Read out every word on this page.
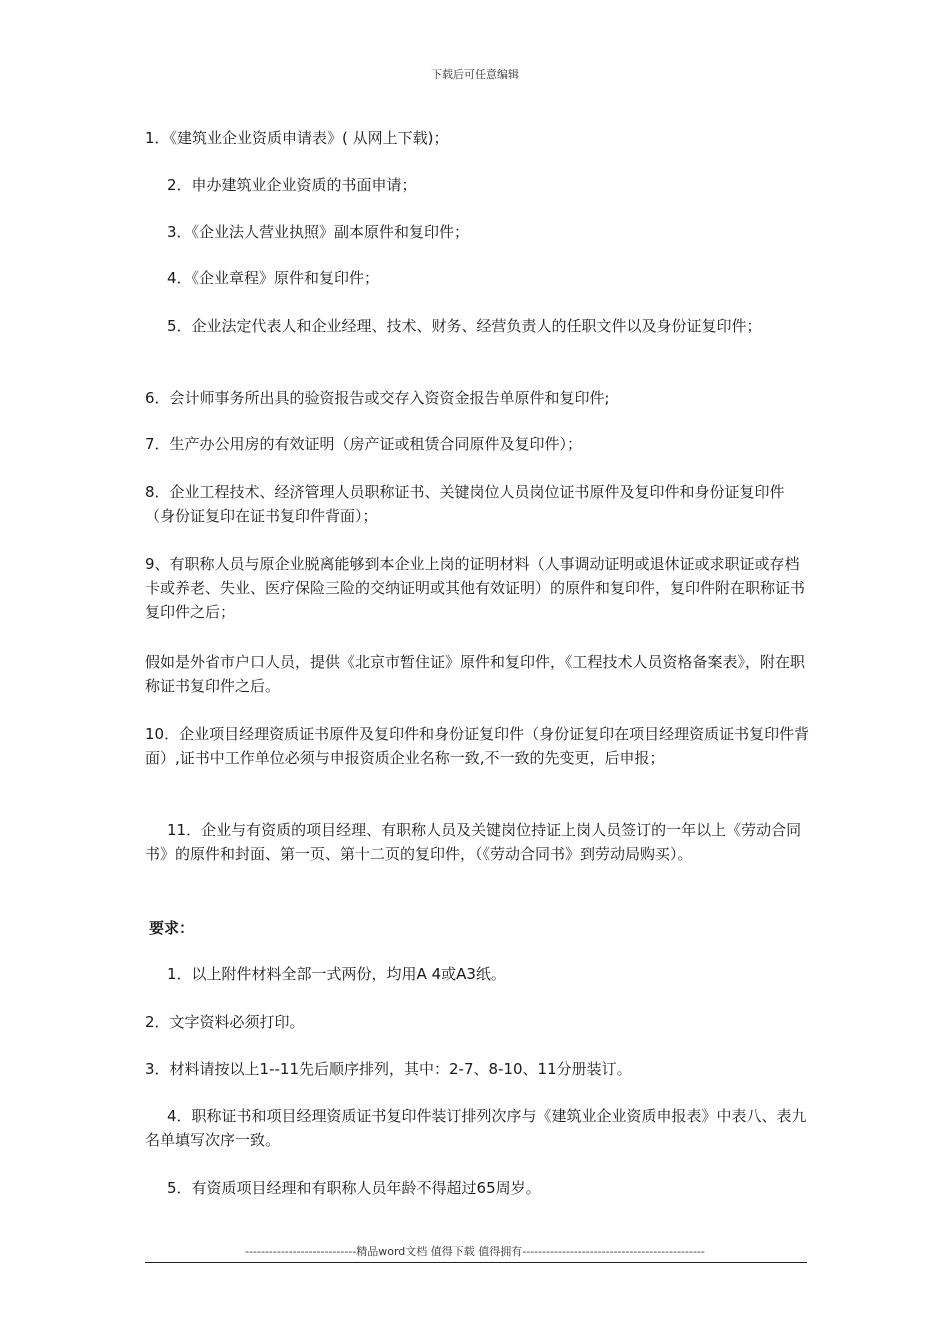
下载后可任意编辑

1．《建筑业企业资质申请表》( 从网上下载)；

2．申办建筑业企业资质的书面申请；

3．《企业法人营业执照》副本原件和复印件；

4．《企业章程》原件和复印件；

5．企业法定代表人和企业经理、技术、财务、经营负责人的任职文件以及身份证复印件；

6．会计师事务所出具的验资报告或交存入资资金报告单原件和复印件;

7．生产办公用房的有效证明（房产证或租赁合同原件及复印件）；

8．企业工程技术、经济管理人员职称证书、关键岗位人员岗位证书原件及复印件和身份证复印件（身份证复印在证书复印件背面）；

9、有职称人员与原企业脱离能够到本企业上岗的证明材料（人事调动证明或退休证或求职证或存档卡或养老、失业、医疗保险三险的交纳证明或其他有效证明）的原件和复印件，复印件附在职称证书复印件之后；

假如是外省市户口人员，提供《北京市暂住证》原件和复印件，《工程技术人员资格备案表》，附在职称证书复印件之后。

10．企业项目经理资质证书原件及复印件和身份证复印件（身份证复印在项目经理资质证书复印件背面）,证书中工作单位必须与申报资质企业名称一致,不一致的先变更，后申报；

11．企业与有资质的项目经理、有职称人员及关键岗位持证上岗人员签订的一年以上《劳动合同书》的原件和封面、第一页、第十二页的复印件，（《劳动合同书》到劳动局购买）。

要求：

1．以上附件材料全部一式两份，均用A 4或A3纸。

2．文字资料必须打印。

3．材料请按以上1--11先后顺序排列，其中：2-7、8-10、11分册装订。

4．职称证书和项目经理资质证书复印件装订排列次序与《建筑业企业资质申报表》中表八、表九名单填写次序一致。

5．有资质项目经理和有职称人员年龄不得超过65周岁。

----------------------------精品word文档 值得下载 值得拥有----------------------------------------------
